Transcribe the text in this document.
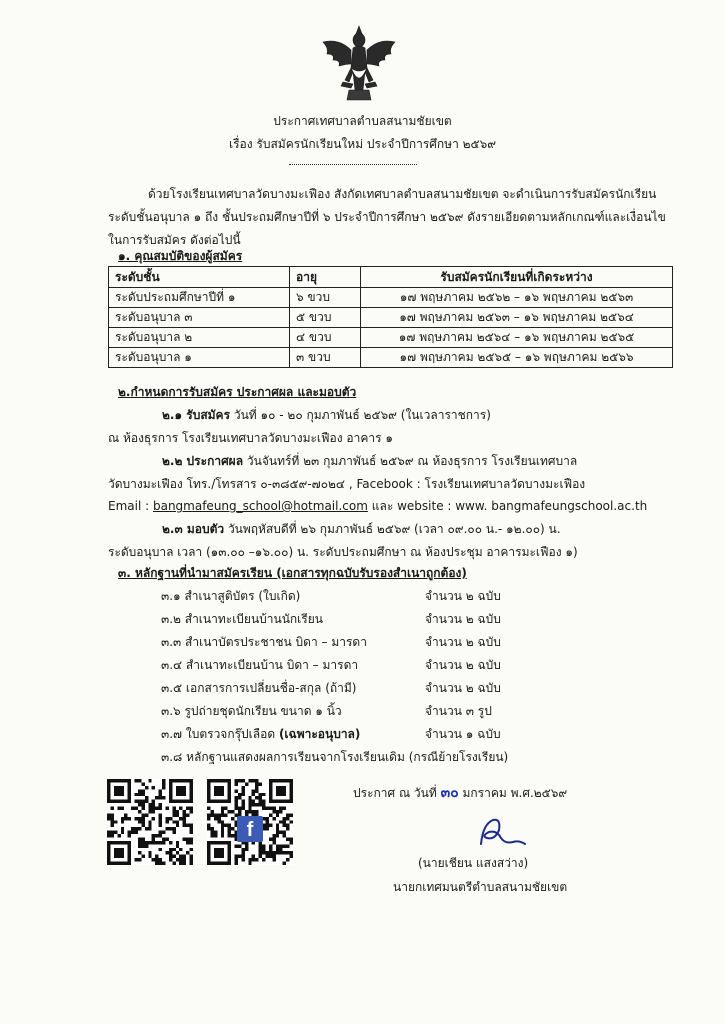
ประกาศเทศบาลตำบลสนามชัยเขต
เรื่อง รับสมัครนักเรียนใหม่ ประจำปีการศึกษา ๒๕๖๙
ด้วยโรงเรียนเทศบาลวัดบางมะเฟือง สังกัดเทศบาลตำบลสนามชัยเขต จะดำเนินการรับสมัครนักเรียน
ระดับชั้นอนุบาล ๑ ถึง ชั้นประถมศึกษาปีที่ ๖ ประจำปีการศึกษา ๒๕๖๙ ดังรายเอียดตามหลักเกณฑ์และเงื่อนไข
ในการรับสมัคร ดังต่อไปนี้
๑. คุณสมบัติของผู้สมัคร
ระดับชั้น	อายุ	รับสมัครนักเรียนที่เกิดระหว่าง
ระดับประถมศึกษาปีที่ ๑	๖ ขวบ	๑๗ พฤษภาคม ๒๕๖๒ – ๑๖ พฤษภาคม ๒๕๖๓
ระดับอนุบาล ๓	๕ ขวบ	๑๗ พฤษภาคม ๒๕๖๓ – ๑๖ พฤษภาคม ๒๕๖๔
ระดับอนุบาล ๒	๔ ขวบ	๑๗ พฤษภาคม ๒๕๖๔ – ๑๖ พฤษภาคม ๒๕๖๕
ระดับอนุบาล ๑	๓ ขวบ	๑๗ พฤษภาคม ๒๕๖๕ – ๑๖ พฤษภาคม ๒๕๖๖
๒.กำหนดการรับสมัคร ประกาศผล และมอบตัว
๒.๑ รับสมัคร วันที่ ๑๐ - ๒๐ กุมภาพันธ์ ๒๕๖๙ (ในเวลาราชการ)
ณ ห้องธุรการ โรงเรียนเทศบาลวัดบางมะเฟือง อาคาร ๑
๒.๒ ประกาศผล วันจันทร์ที่ ๒๓ กุมภาพันธ์ ๒๕๖๙ ณ ห้องธุรการ โรงเรียนเทศบาล
วัดบางมะเฟือง โทร./โทรสาร ๐-๓๘๕๙-๗๐๒๔ , Facebook : โรงเรียนเทศบาลวัดบางมะเฟือง
Email : bangmafeung_school@hotmail.com และ website : www. bangmafeungschool.ac.th
๒.๓ มอบตัว วันพฤหัสบดีที่ ๒๖ กุมภาพันธ์ ๒๕๖๙ (เวลา ๐๙.๐๐ น.- ๑๒.๐๐) น.
ระดับอนุบาล เวลา (๑๓.๐๐ –๑๖.๐๐) น. ระดับประถมศึกษา ณ ห้องประชุม อาคารมะเฟือง ๑)
๓. หลักฐานที่นำมาสมัครเรียน (เอกสารทุกฉบับรับรองสำเนาถูกต้อง)
๓.๑ สำเนาสูติบัตร (ใบเกิด)	จำนวน ๒ ฉบับ
๓.๒ สำเนาทะเบียนบ้านนักเรียน	จำนวน ๒ ฉบับ
๓.๓ สำเนาบัตรประชาชน บิดา – มารดา	จำนวน ๒ ฉบับ
๓.๔ สำเนาทะเบียนบ้าน บิดา – มารดา	จำนวน ๒ ฉบับ
๓.๕ เอกสารการเปลี่ยนชื่อ-สกุล (ถ้ามี)	จำนวน ๒ ฉบับ
๓.๖ รูปถ่ายชุดนักเรียน ขนาด ๑ นิ้ว	จำนวน ๓ รูป
๓.๗ ใบตรวจกรุ๊ปเลือด (เฉพาะอนุบาล)	จำนวน ๑ ฉบับ
๓.๘ หลักฐานแสดงผลการเรียนจากโรงเรียนเดิม (กรณีย้ายโรงเรียน)
f
ประกาศ ณ วันที่ ๓๐ มกราคม พ.ศ.๒๕๖๙
(นายเชียน แสงสว่าง)
นายกเทศมนตรีตำบลสนามชัยเขต
